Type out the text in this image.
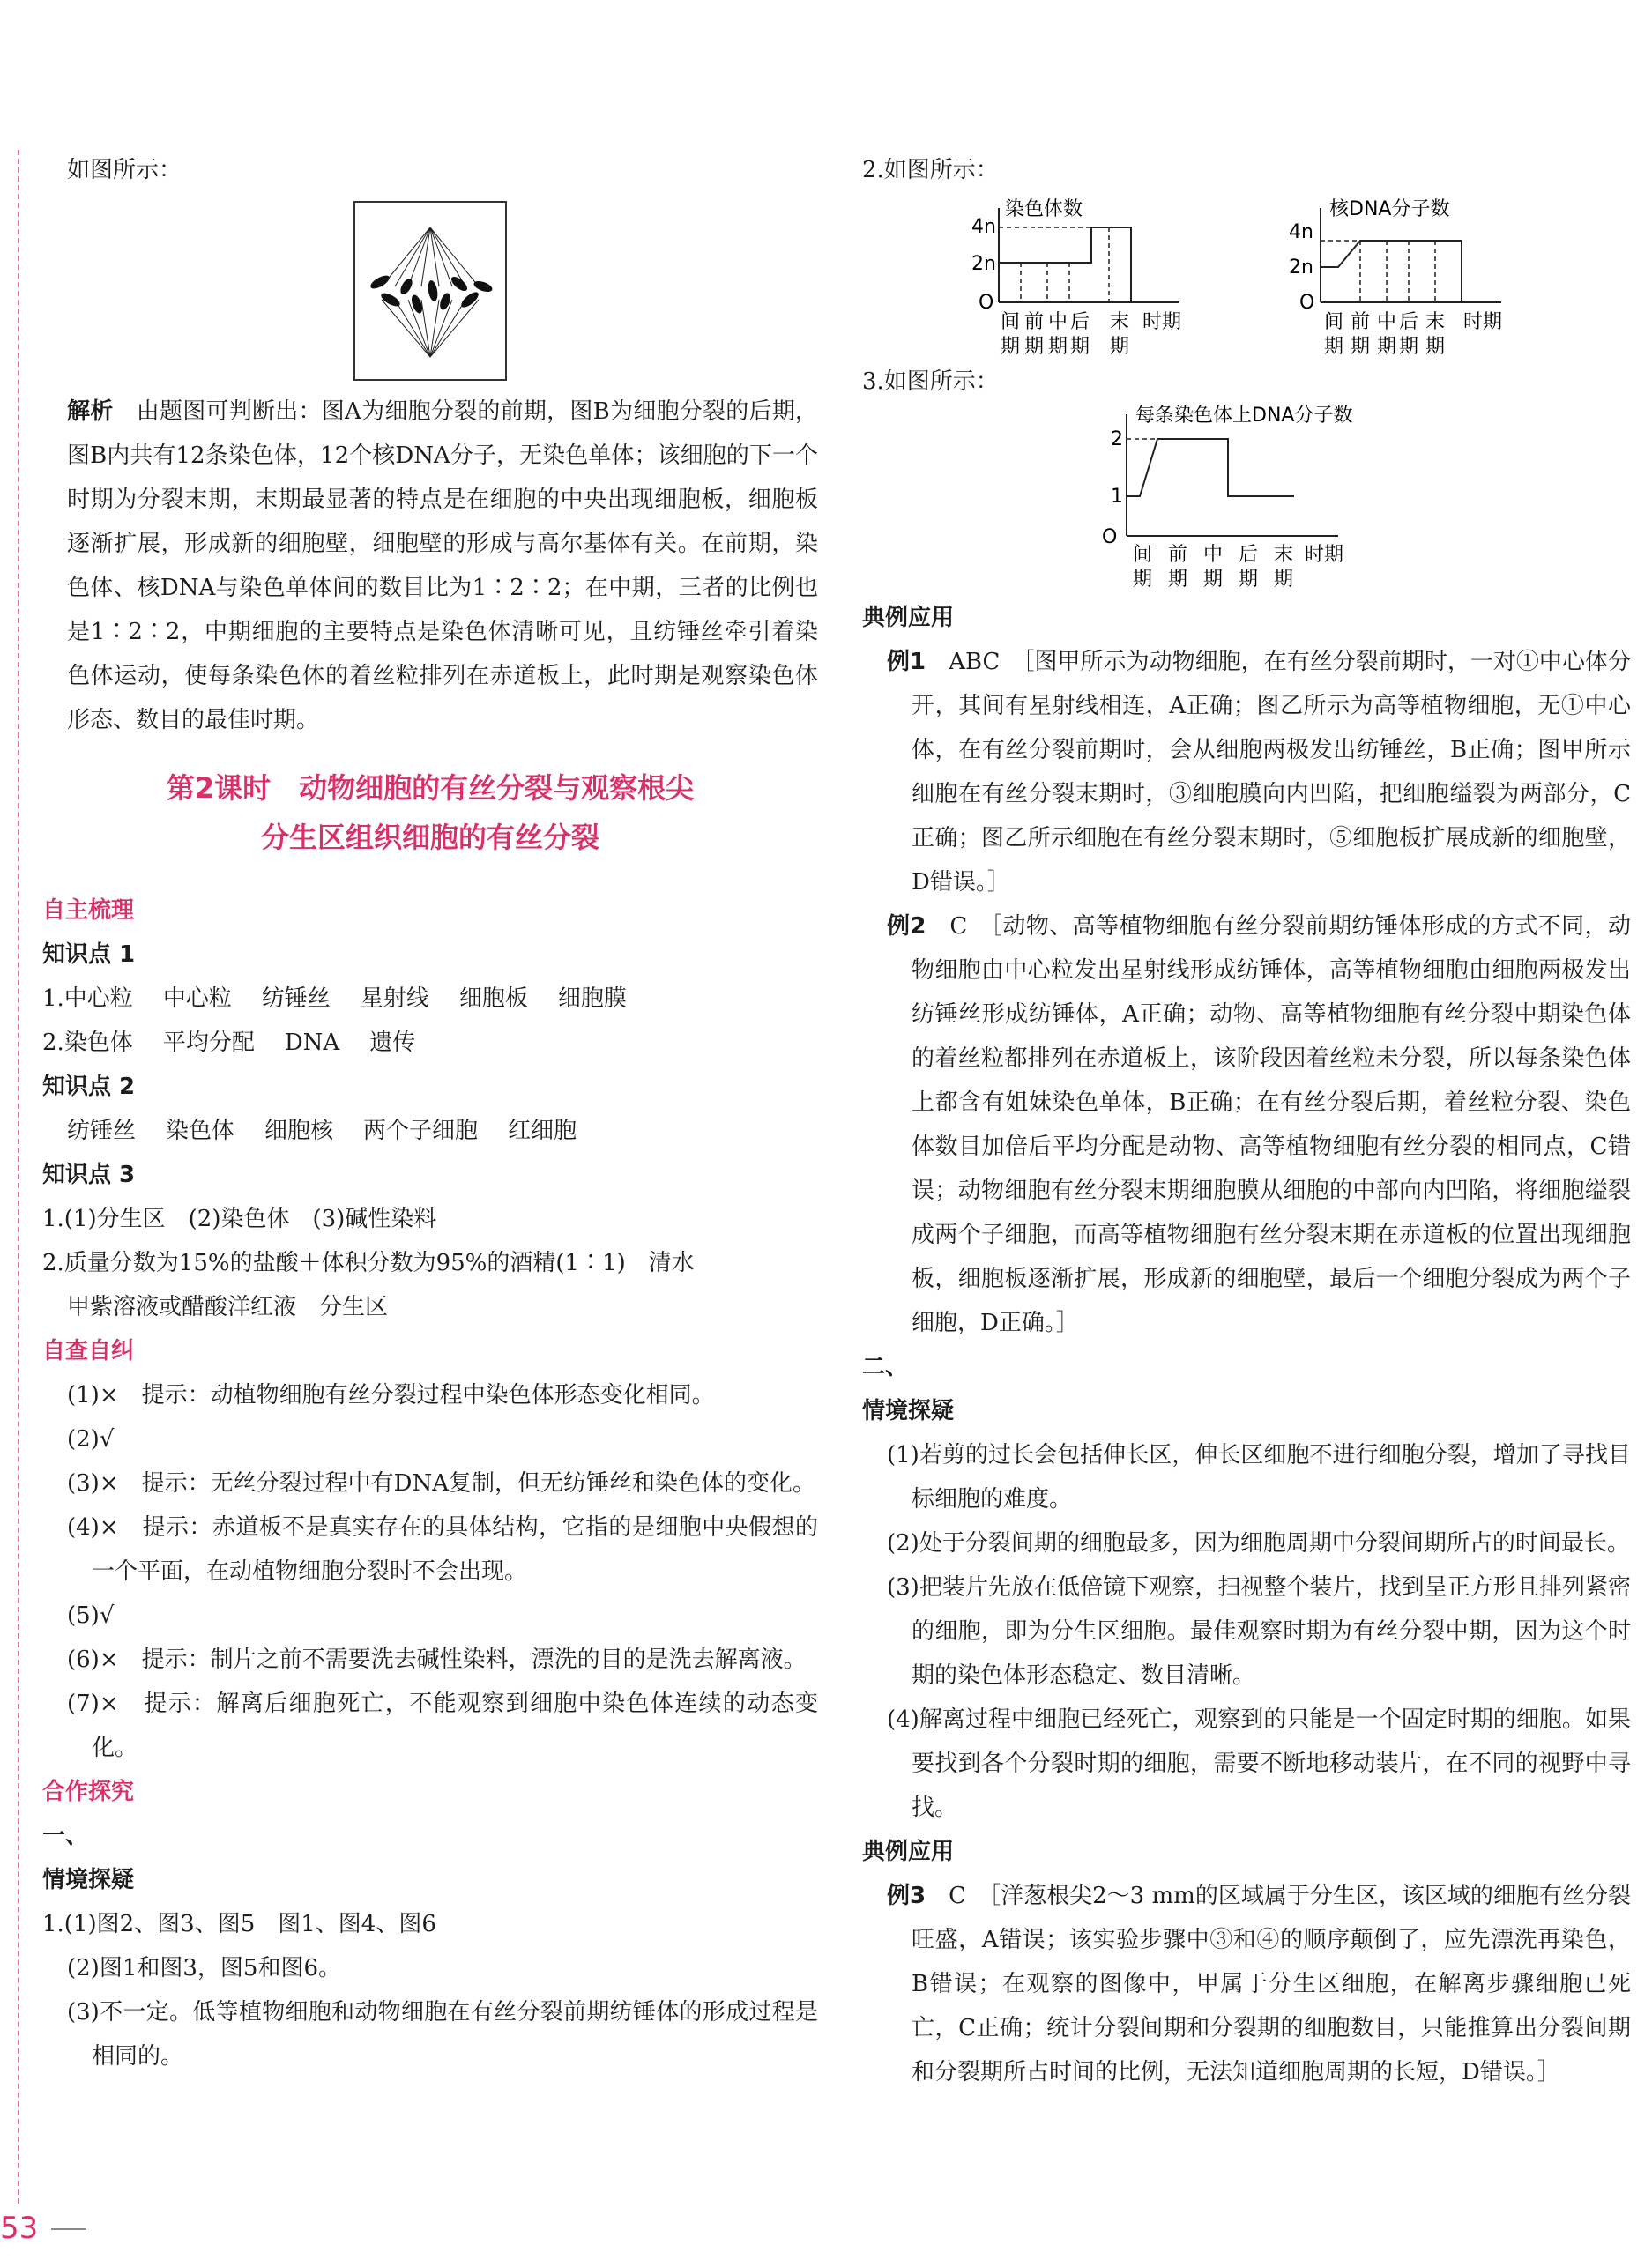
如图所示：

解析　 由题图可判断出：图A为细胞分裂的前期，图B为细胞分裂的后期，图B内共有12条染色体，12个核DNA分子，无染色单体；该细胞的下一个时期为分裂末期，末期最显著的特点是在细胞的中央出现细胞板，细胞板逐渐扩展，形成新的细胞壁，细胞壁的形成与高尔基体有关。在前期，染色体、核DNA与染色单体间的数目比为1∶2∶2；在中期，三者的比例也是1∶2∶2，中期细胞的主要特点是染色体清晰可见，且纺锤丝牵引着染色体运动，使每条染色体的着丝粒排列在赤道板上，此时期是观察染色体形态、数目的最佳时期。

第2课时　动物细胞的有丝分裂与观察根尖
分生区组织细胞的有丝分裂

自主梳理

知识点 1

1.中心粒 中心粒 纺锤丝 星射线 细胞板 细胞膜

2.染色体 平均分配 DNA 遗传

知识点 2

纺锤丝 染色体 细胞核 两个子细胞 红细胞

知识点 3

1.(1)分生区　(2)染色体　(3)碱性染料

2.质量分数为15%的盐酸＋体积分数为95%的酒精(1∶1)　清水

甲紫溶液或醋酸洋红液　分生区

自查自纠

(1)×　提示：动植物细胞有丝分裂过程中染色体形态变化相同。

(2)√

(3)×　提示：无丝分裂过程中有DNA复制，但无纺锤丝和染色体的变化。

(4)×　提示：赤道板不是真实存在的具体结构，它指的是细胞中央假想的一个平面，在动植物细胞分裂时不会出现。

(5)√

(6)×　提示：制片之前不需要洗去碱性染料，漂洗的目的是洗去解离液。

(7)×　提示：解离后细胞死亡，不能观察到细胞中染色体连续的动态变化。

合作探究

一、

情境探疑

1.(1)图2、图3、图5　图1、图4、图6

(2)图1和图3，图5和图6。

(3)不一定。低等植物细胞和动物细胞在有丝分裂前期纺锤体的形成过程是相同的。

2.如图所示：

染色体数
4n
2n
O
间
期
前
期
中
期
后
期
末
期
时期
核DNA分子数
4n
2n
O
间
期
前
期
中
期
后
期
末
期
时期

3.如图所示：

每条染色体上DNA分子数
2
1
O
间
期
前
期
中
期
后
期
末
期
时期

典例应用

例1　 ABC　 ［图甲所示为动物细胞，在有丝分裂前期时，一对①中心体分开，其间有星射线相连，A正确；图乙所示为高等植物细胞，无①中心体，在有丝分裂前期时，会从细胞两极发出纺锤丝，B正确；图甲所示细胞在有丝分裂末期时，③细胞膜向内凹陷，把细胞缢裂为两部分，C正确；图乙所示细胞在有丝分裂末期时，⑤细胞板扩展成新的细胞壁，D错误。］

例2　 C　 ［动物、高等植物细胞有丝分裂前期纺锤体形成的方式不同，动物细胞由中心粒发出星射线形成纺锤体，高等植物细胞由细胞两极发出纺锤丝形成纺锤体，A正确；动物、高等植物细胞有丝分裂中期染色体的着丝粒都排列在赤道板上，该阶段因着丝粒未分裂，所以每条染色体上都含有姐妹染色单体，B正确；在有丝分裂后期，着丝粒分裂、染色体数目加倍后平均分配是动物、高等植物细胞有丝分裂的相同点，C错误；动物细胞有丝分裂末期细胞膜从细胞的中部向内凹陷，将细胞缢裂成两个子细胞，而高等植物细胞有丝分裂末期在赤道板的位置出现细胞板，细胞板逐渐扩展，形成新的细胞壁，最后一个细胞分裂成为两个子细胞，D正确。］

二、

情境探疑

(1)若剪的过长会包括伸长区，伸长区细胞不进行细胞分裂，增加了寻找目标细胞的难度。

(2)处于分裂间期的细胞最多，因为细胞周期中分裂间期所占的时间最长。

(3)把装片先放在低倍镜下观察，扫视整个装片，找到呈正方形且排列紧密的细胞，即为分生区细胞。最佳观察时期为有丝分裂中期，因为这个时期的染色体形态稳定、数目清晰。

(4)解离过程中细胞已经死亡，观察到的只能是一个固定时期的细胞。如果要找到各个分裂时期的细胞，需要不断地移动装片，在不同的视野中寻找。

典例应用

例3　 C　 ［洋葱根尖2～3 mm的区域属于分生区，该区域的细胞有丝分裂旺盛，A错误；该实验步骤中③和④的顺序颠倒了，应先漂洗再染色，B错误；在观察的图像中，甲属于分生区细胞，在解离步骤细胞已死亡，C正确；统计分裂间期和分裂期的细胞数目，只能推算出分裂间期和分裂期所占时间的比例，无法知道细胞周期的长短，D错误。］

53
